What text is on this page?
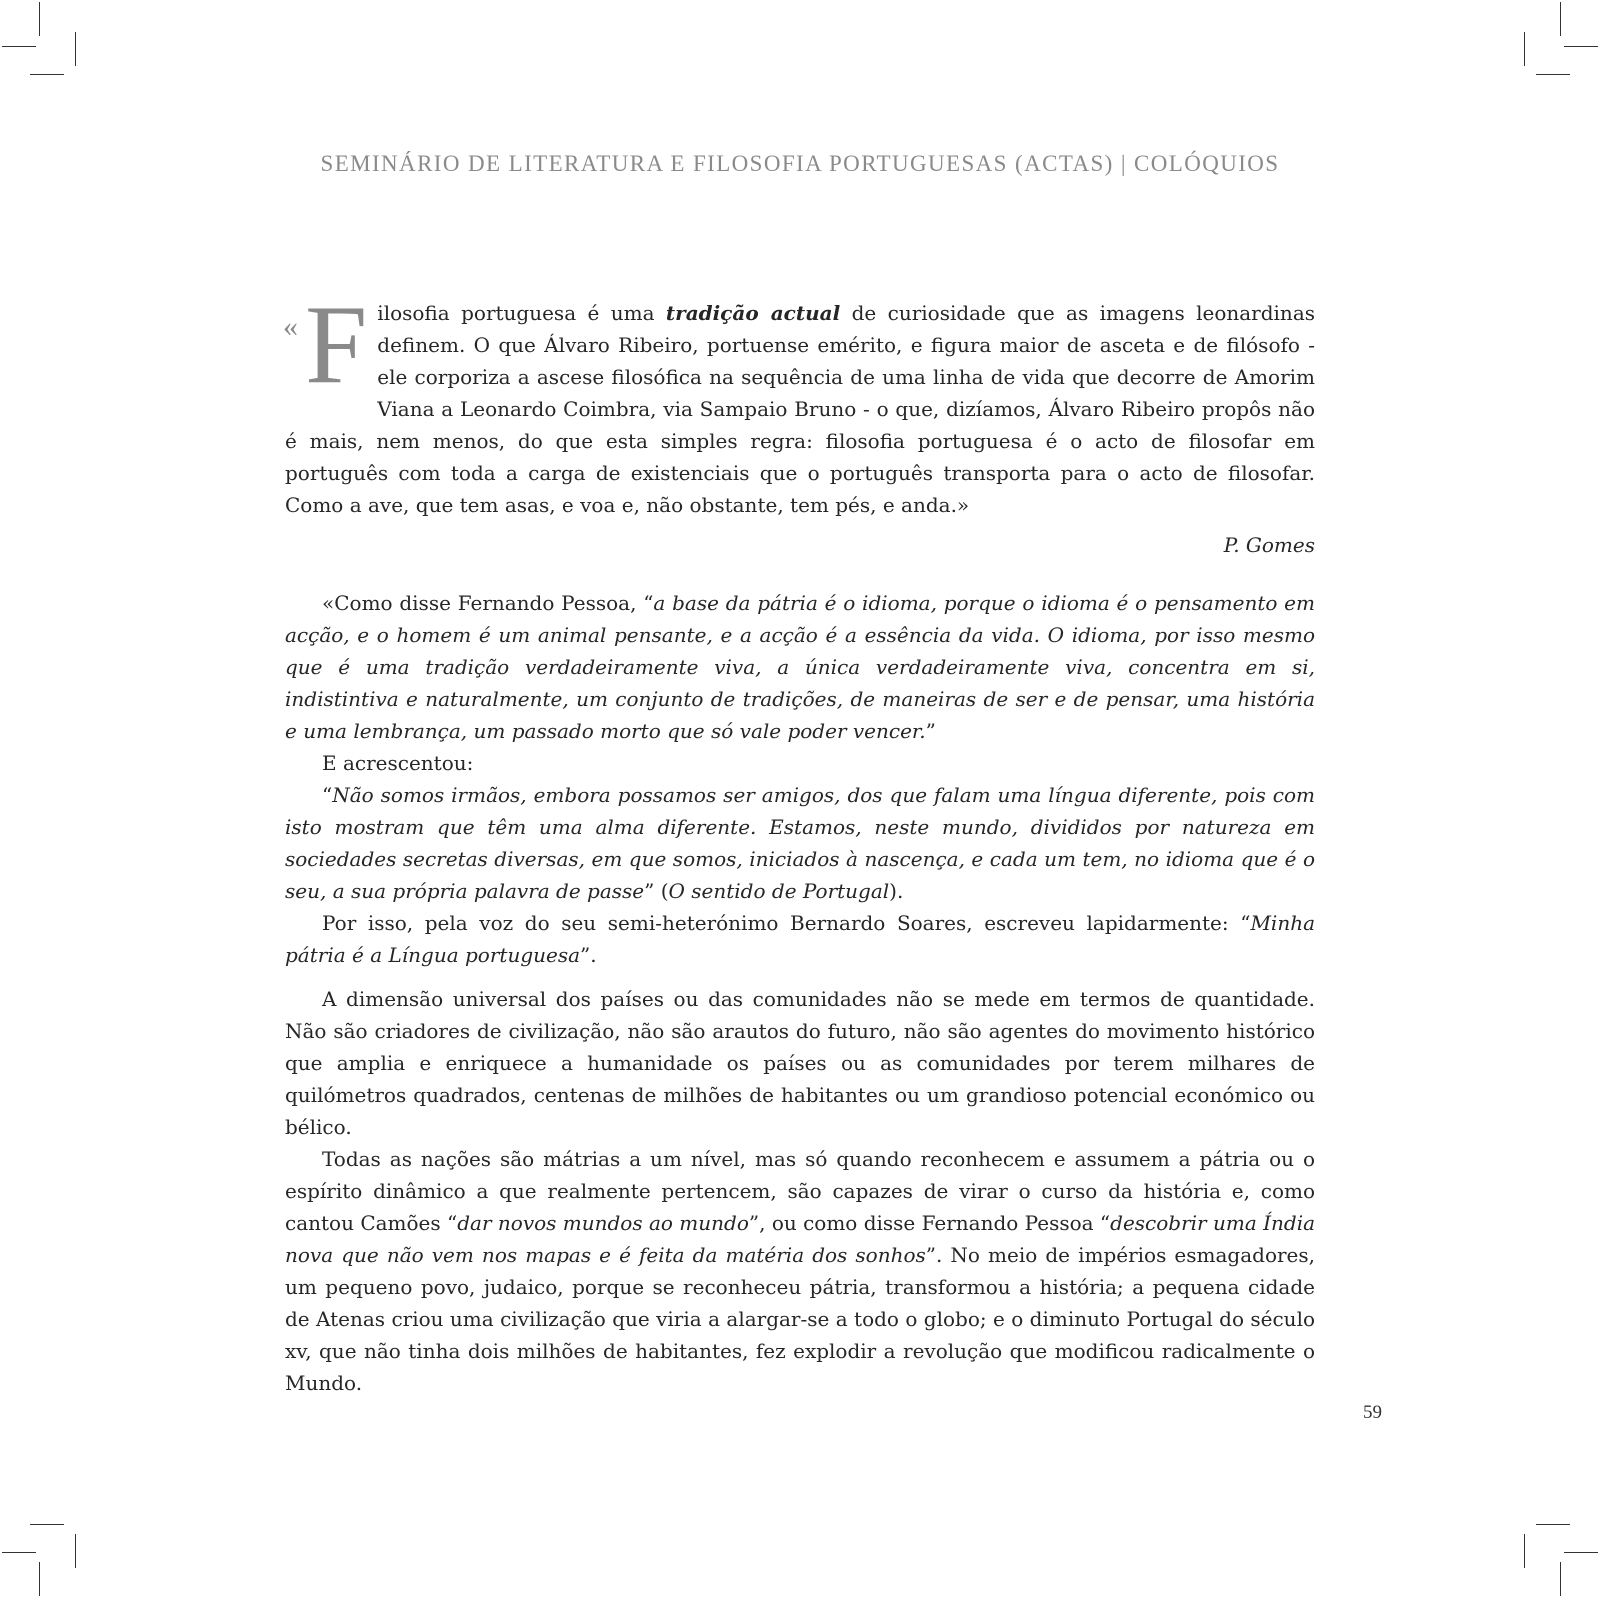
SEMINÁRIO DE LITERATURA E FILOSOFIA PORTUGUESAS (ACTAS) | COLÓQUIOS
« Filosofia portuguesa é uma tradição actual de curiosidade que as imagens leonardinas definem. O que Álvaro Ribeiro, portuense emérito, e figura maior de asceta e de filósofo - ele corporiza a ascese filosófica na sequência de uma linha de vida que decorre de Amorim Viana a Leonardo Coimbra, via Sampaio Bruno - o que, dizíamos, Álvaro Ribeiro propôs não é mais, nem menos, do que esta simples regra: filosofia portuguesa é o acto de filosofar em português com toda a carga de existenciais que o português transporta para o acto de filosofar. Como a ave, que tem asas, e voa e, não obstante, tem pés, e anda.»

P. Gomes

«Como disse Fernando Pessoa, “a base da pátria é o idioma, porque o idioma é o pensamento em acção, e o homem é um animal pensante, e a acção é a essência da vida. O idioma, por isso mesmo que é uma tradição verdadeiramente viva, a única verdadeiramente viva, concentra em si, indistintiva e naturalmente, um conjunto de tradições, de maneiras de ser e de pensar, uma história e uma lembrança, um passado morto que só vale poder vencer.”

E acrescentou:

“Não somos irmãos, embora possamos ser amigos, dos que falam uma língua diferente, pois com isto mostram que têm uma alma diferente. Estamos, neste mundo, divididos por natureza em sociedades secretas diversas, em que somos, iniciados à nascença, e cada um tem, no idioma que é o seu, a sua própria palavra de passe” (O sentido de Portugal).

Por isso, pela voz do seu semi-heterónimo Bernardo Soares, escreveu lapidarmente: “Minha pátria é a Língua portuguesa”.

A dimensão universal dos países ou das comunidades não se mede em termos de quantidade. Não são criadores de civilização, não são arautos do futuro, não são agentes do movimento histórico que amplia e enriquece a humanidade os países ou as comunidades por terem milhares de quilómetros quadrados, centenas de milhões de habitantes ou um grandioso potencial económico ou bélico.

Todas as nações são mátrias a um nível, mas só quando reconhecem e assumem a pátria ou o espírito dinâmico a que realmente pertencem, são capazes de virar o curso da história e, como cantou Camões “dar novos mundos ao mundo”, ou como disse Fernando Pessoa “descobrir uma Índia nova que não vem nos mapas e é feita da matéria dos sonhos”. No meio de impérios esmagadores, um pequeno povo, judaico, porque se reconheceu pátria, transformou a história; a pequena cidade de Atenas criou uma civilização que viria a alargar-se a todo o globo; e o diminuto Portugal do século xv, que não tinha dois milhões de habitantes, fez explodir a revolução que modificou radicalmente o Mundo.

59
